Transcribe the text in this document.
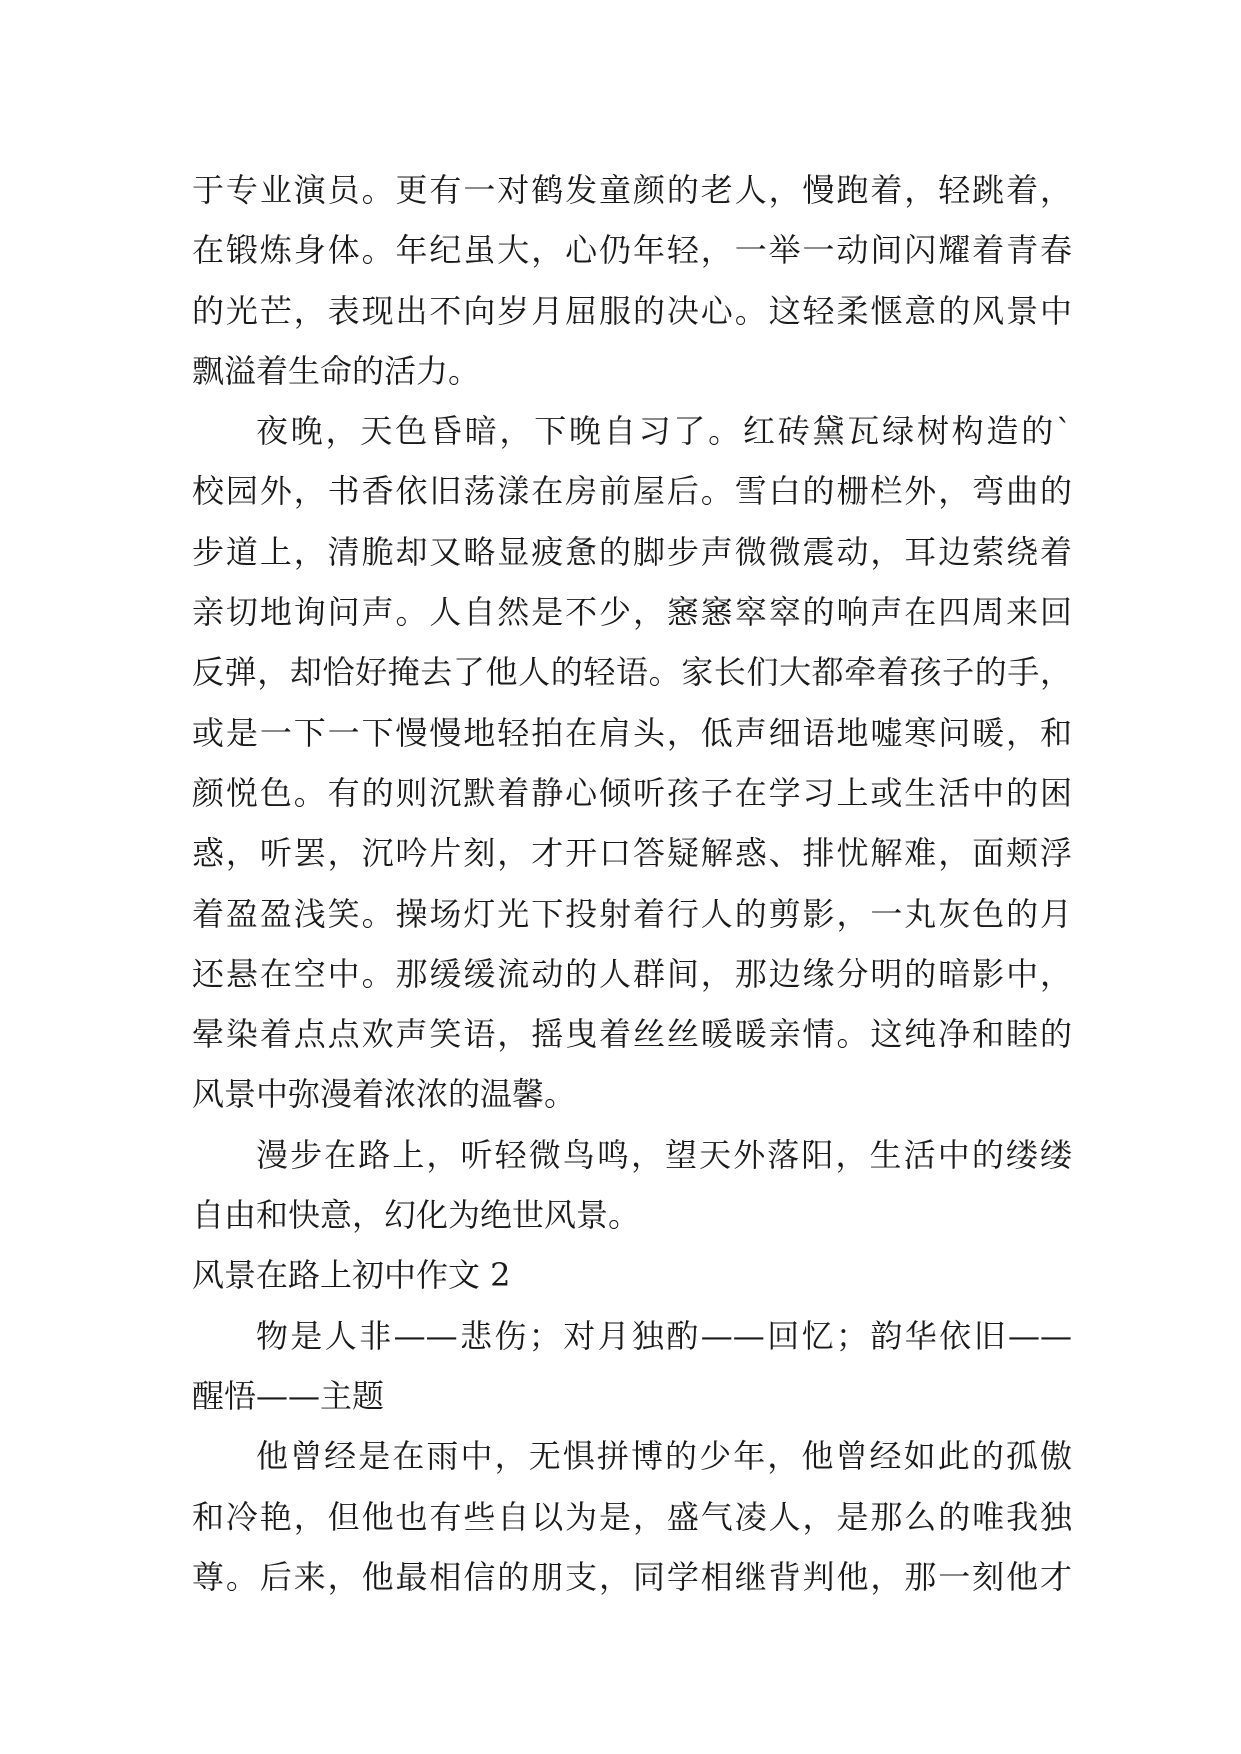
于专业演员。更有一对鹤发童颜的老人，慢跑着，轻跳着，
在锻炼身体。年纪虽大，心仍年轻，一举一动间闪耀着青春
的光芒，表现出不向岁月屈服的决心。这轻柔惬意的风景中
飘溢着生命的活力。
夜晚，天色昏暗，下晚自习了。红砖黛瓦绿树构造的`
校园外，书香依旧荡漾在房前屋后。雪白的栅栏外，弯曲的
步道上，清脆却又略显疲惫的脚步声微微震动，耳边萦绕着
亲切地询问声。人自然是不少，窸窸窣窣的响声在四周来回
反弹，却恰好掩去了他人的轻语。家长们大都牵着孩子的手，
或是一下一下慢慢地轻拍在肩头，低声细语地嘘寒问暖，和
颜悦色。有的则沉默着静心倾听孩子在学习上或生活中的困
惑，听罢，沉吟片刻，才开口答疑解惑、排忧解难，面颊浮
着盈盈浅笑。操场灯光下投射着行人的剪影，一丸灰色的月
还悬在空中。那缓缓流动的人群间，那边缘分明的暗影中，
晕染着点点欢声笑语，摇曳着丝丝暖暖亲情。这纯净和睦的
风景中弥漫着浓浓的温馨。
漫步在路上，听轻微鸟鸣，望天外落阳，生活中的缕缕
自由和快意，幻化为绝世风景。
风景在路上初中作文 2
物是人非——悲伤；对月独酌——回忆；韵华依旧——
醒悟——主题
他曾经是在雨中，无惧拼博的少年，他曾经如此的孤傲
和冷艳，但他也有些自以为是，盛气凌人，是那么的唯我独
尊。后来，他最相信的朋支，同学相继背判他，那一刻他才
